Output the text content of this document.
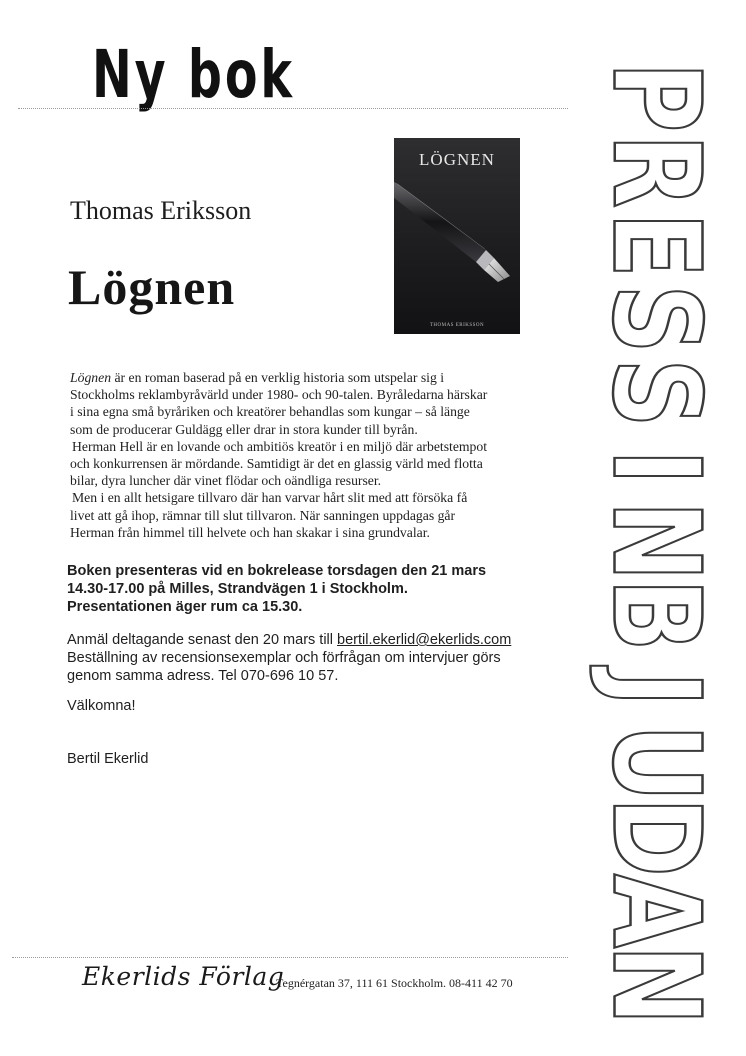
Ny bok
Thomas Eriksson
Lögnen
LÖGNEN
THOMAS ERIKSSON

Lögnen är en roman baserad på en verklig historia som utspelar sig i
Stockholms reklambyråvärld under 1980- och 90-talen. Byråledarna härskar
i sina egna små byråriken och kreatörer behandlas som kungar – så länge
som de producerar Guldägg eller drar in stora kunder till byrån.

Herman Hell är en lovande och ambitiös kreatör i en miljö där arbetstempot
och konkurrensen är mördande. Samtidigt är det en glassig värld med flotta
bilar, dyra luncher där vinet flödar och oändliga resurser.

Men i en allt hetsigare tillvaro där han varvar hårt slit med att försöka få
livet att gå ihop, rämnar till slut tillvaron. När sanningen uppdagas går
Herman från himmel till helvete och han skakar i sina grundvalar.

Boken presenteras vid en bokrelease torsdagen den 21 mars
14.30-17.00 på Milles, Strandvägen 1 i Stockholm.
Presentationen äger rum ca 15.30.
Anmäl deltagande senast den 20 mars till bertil.ekerlid@ekerlids.com
Beställning av recensionsexemplar och förfrågan om intervjuer görs
genom samma adress. Tel 070-696 10 57.
Välkomna!
Bertil Ekerlid
Ekerlids Förlag
Tegnérgatan 37, 111 61 Stockholm. 08-411 42 70
P
R
E
S
S
I
N
B
J
U
D
A
N
